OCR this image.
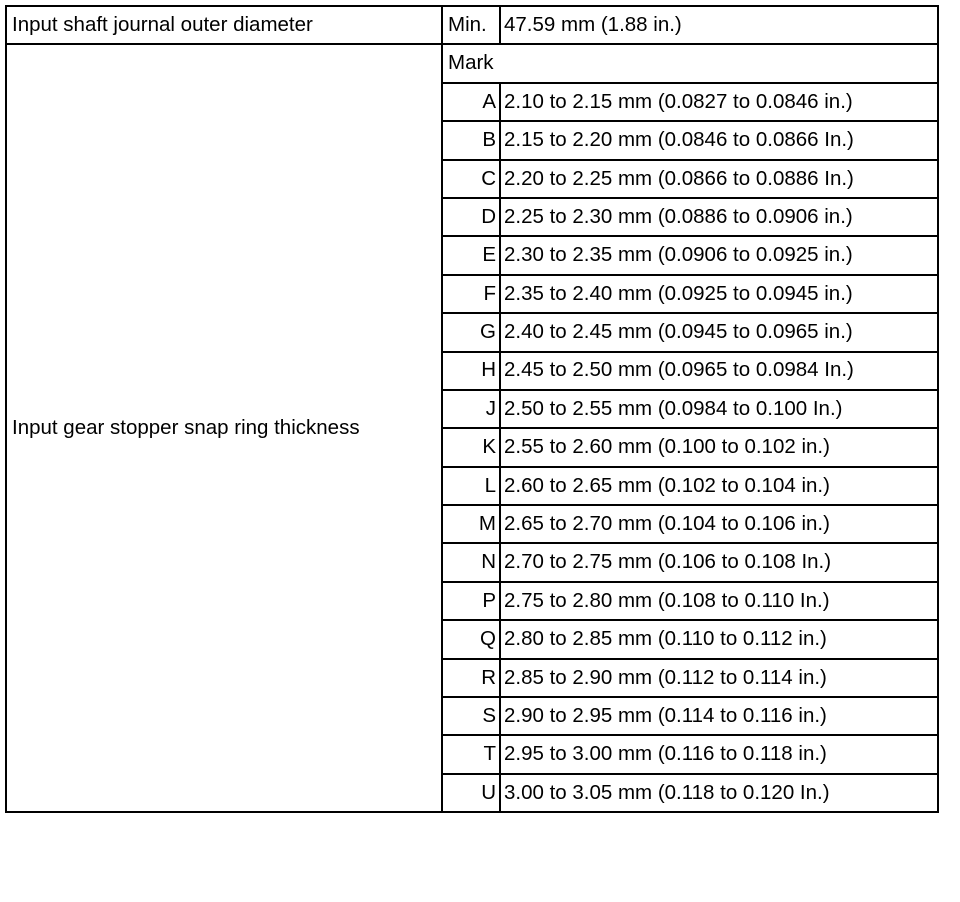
Input shaft journal outer diameter	Min.	47.59 mm (1.88 in.)
Input gear stopper snap ring thickness	Mark	
	A	2.10 to 2.15 mm (0.0827 to 0.0846 in.)
	B	2.15 to 2.20 mm (0.0846 to 0.0866 In.)
	C	2.20 to 2.25 mm (0.0866 to 0.0886 In.)
	D	2.25 to 2.30 mm (0.0886 to 0.0906 in.)
	E	2.30 to 2.35 mm (0.0906 to 0.0925 in.)
	F	2.35 to 2.40 mm (0.0925 to 0.0945 in.)
	G	2.40 to 2.45 mm (0.0945 to 0.0965 in.)
	H	2.45 to 2.50 mm (0.0965 to 0.0984 In.)
	J	2.50 to 2.55 mm (0.0984 to 0.100 In.)
	K	2.55 to 2.60 mm (0.100 to 0.102 in.)
	L	2.60 to 2.65 mm (0.102 to 0.104 in.)
	M	2.65 to 2.70 mm (0.104 to 0.106 in.)
	N	2.70 to 2.75 mm (0.106 to 0.108 In.)
	P	2.75 to 2.80 mm (0.108 to 0.110 In.)
	Q	2.80 to 2.85 mm (0.110 to 0.112 in.)
	R	2.85 to 2.90 mm (0.112 to 0.114 in.)
	S	2.90 to 2.95 mm (0.114 to 0.116 in.)
	T	2.95 to 3.00 mm (0.116 to 0.118 in.)
	U	3.00 to 3.05 mm (0.118 to 0.120 In.)
